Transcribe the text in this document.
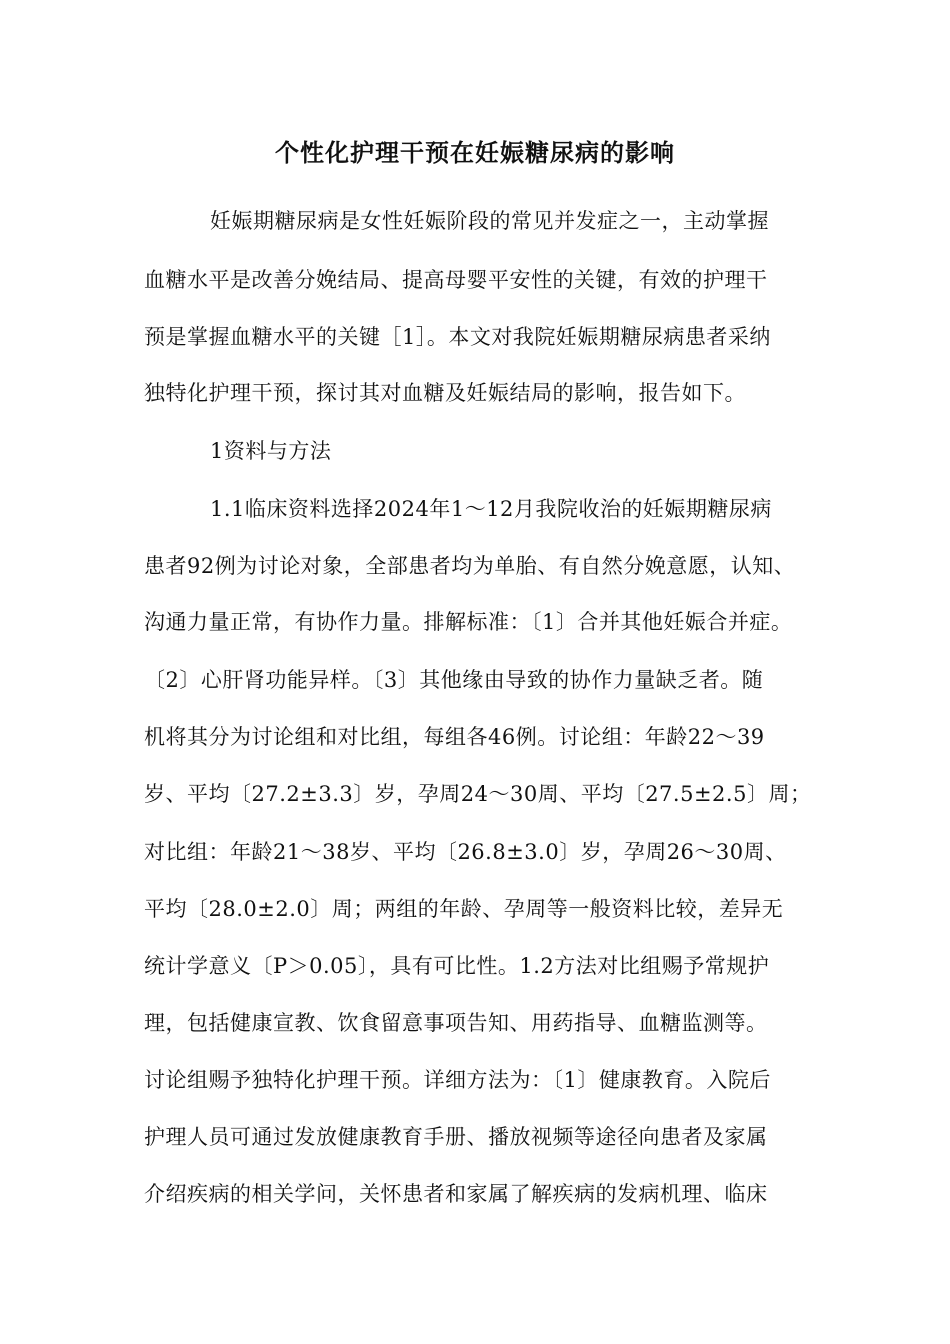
个性化护理干预在妊娠糖尿病的影响
妊娠期糖尿病是女性妊娠阶段的常见并发症之一，主动掌握
血糖水平是改善分娩结局、提高母婴平安性的关键，有效的护理干
预是掌握血糖水平的关键［1］。本文对我院妊娠期糖尿病患者采纳
独特化护理干预，探讨其对血糖及妊娠结局的影响，报告如下。
1资料与方法
1.1临床资料选择2024年1～12月我院收治的妊娠期糖尿病
患者92例为讨论对象，全部患者均为单胎、有自然分娩意愿，认知、
沟通力量正常，有协作力量。排解标准：〔1〕合并其他妊娠合并症。
〔2〕心肝肾功能异样。〔3〕其他缘由导致的协作力量缺乏者。随
机将其分为讨论组和对比组，每组各46例。讨论组：年龄22～39
岁、平均〔27.2±3.3〕岁，孕周24～30周、平均〔27.5±2.5〕周；
对比组：年龄21～38岁、平均〔26.8±3.0〕岁，孕周26～30周、
平均〔28.0±2.0〕周；两组的年龄、孕周等一般资料比较，差异无
统计学意义〔P＞0.05〕，具有可比性。1.2方法对比组赐予常规护
理，包括健康宣教、饮食留意事项告知、用药指导、血糖监测等。
讨论组赐予独特化护理干预。详细方法为：〔1〕健康教育。入院后
护理人员可通过发放健康教育手册、播放视频等途径向患者及家属
介绍疾病的相关学问，关怀患者和家属了解疾病的发病机理、临床
